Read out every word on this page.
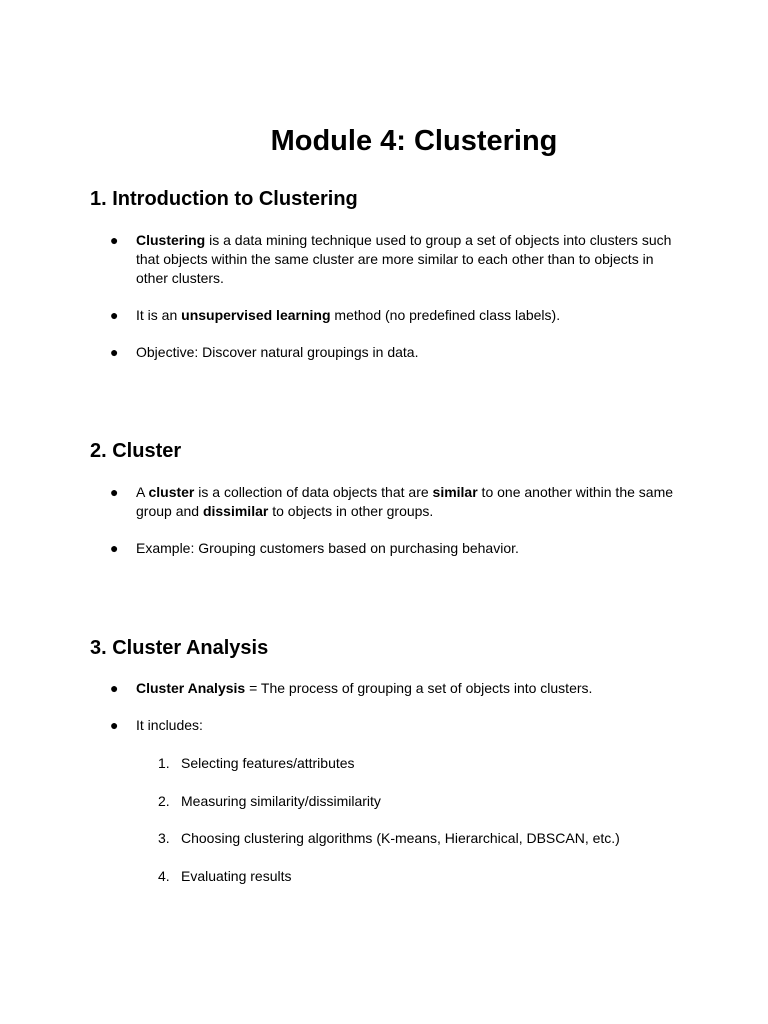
Module 4: Clustering
1. Introduction to Clustering
● Clustering is a data mining technique used to group a set of objects into clusters such that objects within the same cluster are more similar to each other than to objects in other clusters.
● It is an unsupervised learning method (no predefined class labels).
● Objective: Discover natural groupings in data.
2. Cluster
● A cluster is a collection of data objects that are similar to one another within the same group and dissimilar to objects in other groups.
● Example: Grouping customers based on purchasing behavior.
3. Cluster Analysis
● Cluster Analysis = The process of grouping a set of objects into clusters.
● It includes:
1. Selecting features/attributes
2. Measuring similarity/dissimilarity
3. Choosing clustering algorithms (K-means, Hierarchical, DBSCAN, etc.)
4. Evaluating results
